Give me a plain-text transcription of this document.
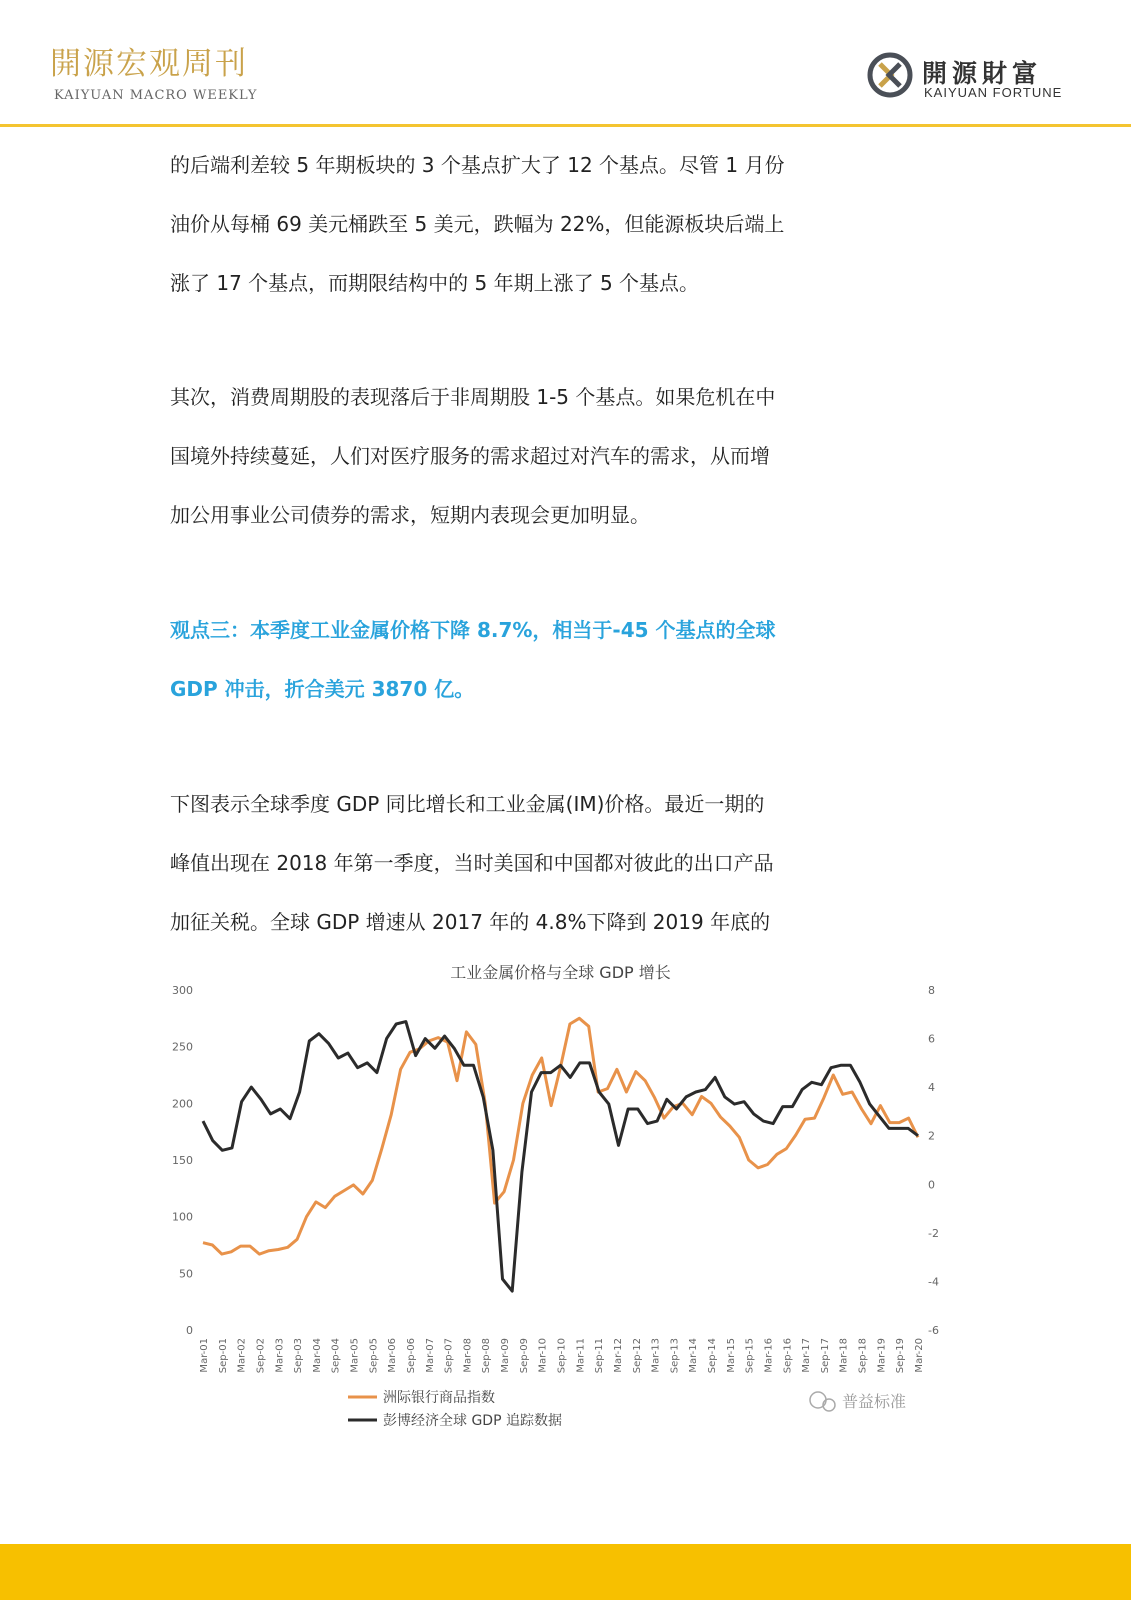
開源宏观周刊
KAIYUAN MACRO WEEKLY
開源財富
KAIYUAN FORTUNE
的后端利差较 5 年期板块的 3 个基点扩大了 12 个基点。尽管 1 月份
油价从每桶 69 美元桶跌至 5 美元，跌幅为 22%，但能源板块后端上
涨了 17 个基点，而期限结构中的 5 年期上涨了 5 个基点。
其次，消费周期股的表现落后于非周期股 1-5 个基点。如果危机在中
国境外持续蔓延，人们对医疗服务的需求超过对汽车的需求，从而增
加公用事业公司债券的需求，短期内表现会更加明显。
观点三：本季度工业金属价格下降 8.7%，相当于-45 个基点的全球
GDP 冲击，折合美元 3870 亿。
下图表示全球季度 GDP 同比增长和工业金属(IM)价格。最近一期的
峰值出现在 2018 年第一季度，当时美国和中国都对彼此的出口产品
加征关税。全球 GDP 增速从 2017 年的 4.8%下降到 2019 年底的
工业金属价格与全球 GDP 增长
0
50
100
150
200
250
300
-6
-4
-2
0
2
4
6
8
Mar-01 Sep-01 Mar-02 Sep-02 Mar-03 Sep-03 Mar-04 Sep-04 Mar-05 Sep-05 Mar-06 Sep-06 Mar-07 Sep-07 Mar-08 Sep-08 Mar-09 Sep-09 Mar-10 Sep-10 Mar-11 Sep-11 Mar-12 Sep-12 Mar-13 Sep-13 Mar-14 Sep-14 Mar-15 Sep-15 Mar-16 Sep-16 Mar-17 Sep-17 Mar-18 Sep-18 Mar-19 Sep-19 Mar-20
洲际银行商品指数
彭博经济全球 GDP 追踪数据
普益标准
